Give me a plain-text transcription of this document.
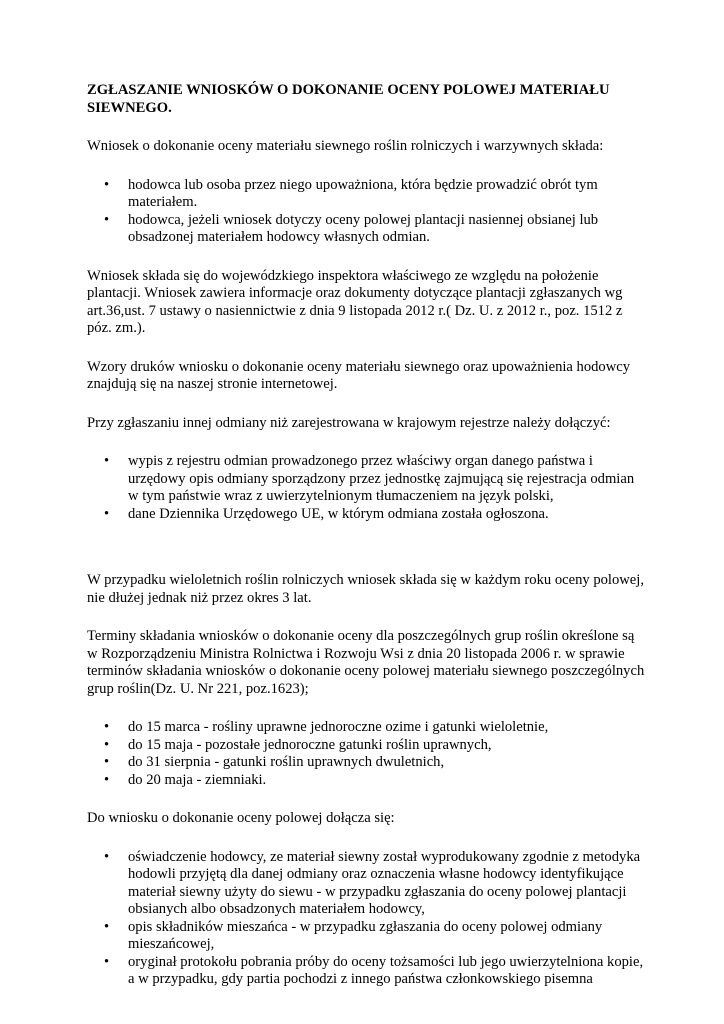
ZGŁASZANIE WNIOSKÓW O DOKONANIE OCENY POLOWEJ MATERIAŁU SIEWNEGO.

Wniosek o dokonanie oceny materiału siewnego roślin rolniczych i warzywnych składa:

• hodowca lub osoba przez niego upoważniona, która będzie prowadzić obrót tym materiałem.
• hodowca, jeżeli wniosek dotyczy oceny polowej plantacji nasiennej obsianej lub obsadzonej materiałem hodowcy własnych odmian.

Wniosek składa się do wojewódzkiego inspektora właściwego ze względu na położenie plantacji. Wniosek zawiera informacje oraz dokumenty dotyczące plantacji zgłaszanych wg art.36,ust. 7 ustawy o nasiennictwie z dnia 9 listopada 2012 r.( Dz. U. z 2012 r., poz. 1512 z póz. zm.).

Wzory druków wniosku o dokonanie oceny materiału siewnego oraz upoważnienia hodowcy znajdują się na naszej stronie internetowej.

Przy zgłaszaniu innej odmiany niż zarejestrowana w krajowym rejestrze należy dołączyć:

• wypis z rejestru odmian prowadzonego przez właściwy organ danego państwa i urzędowy opis odmiany sporządzony przez jednostkę zajmującą się rejestracja odmian w tym państwie wraz z uwierzytelnionym tłumaczeniem na język polski,
• dane Dziennika Urzędowego UE, w którym odmiana została ogłoszona.

W przypadku wieloletnich roślin rolniczych wniosek składa się w każdym roku oceny polowej, nie dłużej jednak niż przez okres 3 lat.

Terminy składania wniosków o dokonanie oceny dla poszczególnych grup roślin określone są w Rozporządzeniu Ministra Rolnictwa i Rozwoju Wsi z dnia 20 listopada 2006 r. w sprawie terminów składania wniosków o dokonanie oceny polowej materiału siewnego poszczególnych grup roślin(Dz. U. Nr 221, poz.1623);

• do 15 marca - rośliny uprawne jednoroczne ozime i gatunki wieloletnie,
• do 15 maja - pozostałe jednoroczne gatunki roślin uprawnych,
• do 31 sierpnia - gatunki roślin uprawnych dwuletnich,
• do 20 maja - ziemniaki.

Do wniosku o dokonanie oceny polowej dołącza się:

• oświadczenie hodowcy, ze materiał siewny został wyprodukowany zgodnie z metodyka hodowli przyjętą dla danej odmiany oraz oznaczenia własne hodowcy identyfikujące materiał siewny użyty do siewu - w przypadku zgłaszania do oceny polowej plantacji obsianych albo obsadzonych materiałem hodowcy,
• opis składników mieszańca - w przypadku zgłaszania do oceny polowej odmiany mieszańcowej,
• oryginał protokołu pobrania próby do oceny tożsamości lub jego uwierzytelniona kopie, a w przypadku, gdy partia pochodzi z innego państwa członkowskiego pisemna
